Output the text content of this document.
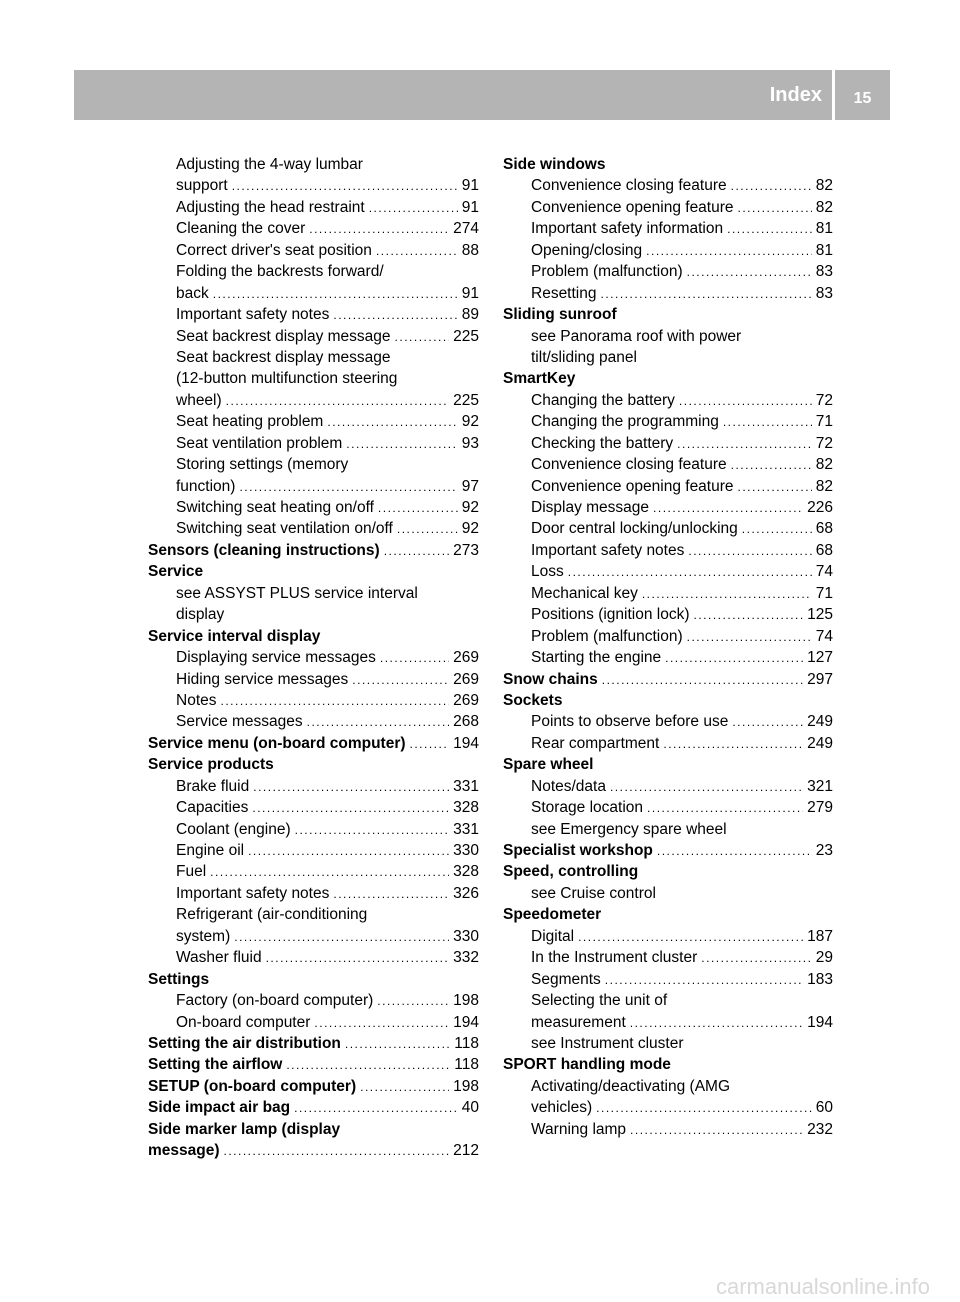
Index	15
Adjusting the 4-way lumbar
support .....	91
Adjusting the head restraint .....	91
Cleaning the cover .....	274
Correct driver's seat position .....	88
Folding the backrests forward/
back .....	91
Important safety notes .....	89
Seat backrest display message .....	225
Seat backrest display message
(12-button multifunction steering
wheel) .....	225
Seat heating problem .....	92
Seat ventilation problem .....	93
Storing settings (memory
function) .....	97
Switching seat heating on/off .....	92
Switching seat ventilation on/off .....	92
Sensors (cleaning instructions) .....	273
Service
see ASSYST PLUS service interval
display
Service interval display
Displaying service messages .....	269
Hiding service messages .....	269
Notes .....	269
Service messages .....	268
Service menu (on-board computer) .....	194
Service products
Brake fluid .....	331
Capacities .....	328
Coolant (engine) .....	331
Engine oil .....	330
Fuel .....	328
Important safety notes .....	326
Refrigerant (air-conditioning
system) .....	330
Washer fluid .....	332
Settings
Factory (on-board computer) .....	198
On-board computer .....	194
Setting the air distribution .....	118
Setting the airflow .....	118
SETUP (on-board computer) .....	198
Side impact air bag .....	40
Side marker lamp (display
message) .....	212
Side windows
Convenience closing feature .....	82
Convenience opening feature .....	82
Important safety information .....	81
Opening/closing .....	81
Problem (malfunction) .....	83
Resetting .....	83
Sliding sunroof
see Panorama roof with power
tilt/sliding panel
SmartKey
Changing the battery .....	72
Changing the programming .....	71
Checking the battery .....	72
Convenience closing feature .....	82
Convenience opening feature .....	82
Display message .....	226
Door central locking/unlocking .....	68
Important safety notes .....	68
Loss .....	74
Mechanical key .....	71
Positions (ignition lock) .....	125
Problem (malfunction) .....	74
Starting the engine .....	127
Snow chains .....	297
Sockets
Points to observe before use .....	249
Rear compartment .....	249
Spare wheel
Notes/data .....	321
Storage location .....	279
see Emergency spare wheel
Specialist workshop .....	23
Speed, controlling
see Cruise control
Speedometer
Digital .....	187
In the Instrument cluster .....	29
Segments .....	183
Selecting the unit of
measurement .....	194
see Instrument cluster
SPORT handling mode
Activating/deactivating (AMG
vehicles) .....	60
Warning lamp .....	232
carmanualsonline.info
